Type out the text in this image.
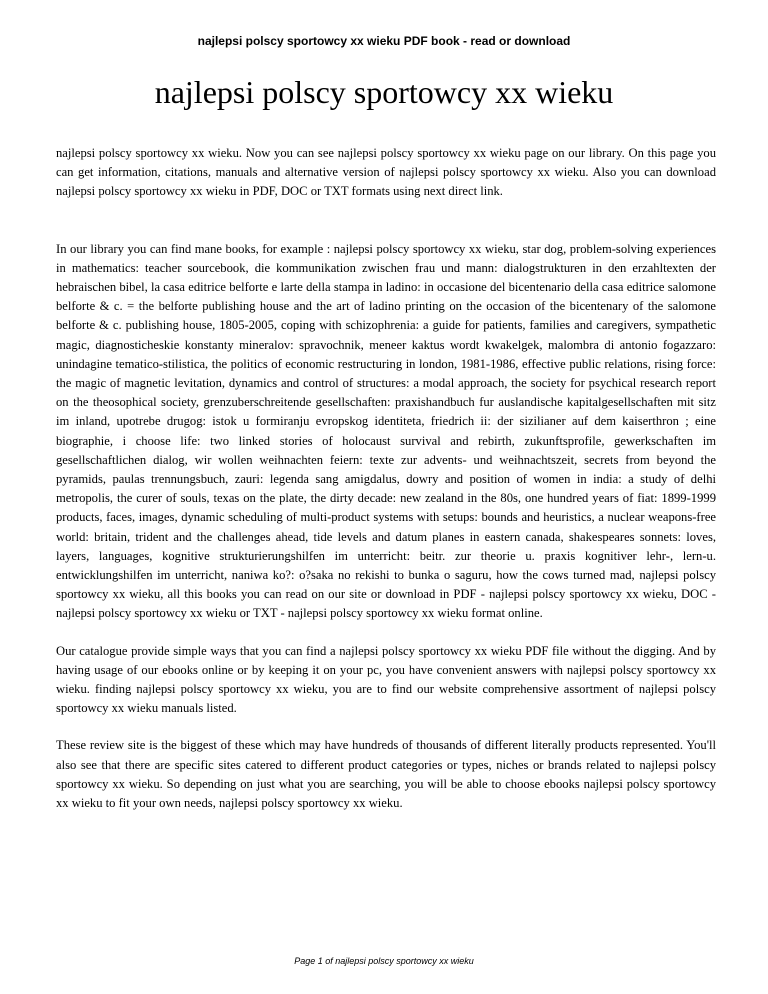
najlepsi polscy sportowcy xx wieku PDF book - read or download
najlepsi polscy sportowcy xx wieku

najlepsi polscy sportowcy xx wieku. Now you can see najlepsi polscy sportowcy xx wieku page on our library. On this page you can get information, citations, manuals and alternative version of najlepsi polscy sportowcy xx wieku. Also you can download najlepsi polscy sportowcy xx wieku in PDF, DOC or TXT formats using next direct link.

In our library you can find mane books, for example : najlepsi polscy sportowcy xx wieku, star dog, problem-solving experiences in mathematics: teacher sourcebook, die kommunikation zwischen frau und mann: dialogstrukturen in den erzahltexten der hebraischen bibel, la casa editrice belforte e larte della stampa in ladino: in occasione del bicentenario della casa editrice salomone belforte & c. = the belforte publishing house and the art of ladino printing on the occasion of the bicentenary of the salomone belforte & c. publishing house, 1805-2005, coping with schizophrenia: a guide for patients, families and caregivers, sympathetic magic, diagnosticheskie konstanty mineralov: spravochnik, meneer kaktus wordt kwakelgek, malombra di antonio fogazzaro: unindagine tematico-stilistica, the politics of economic restructuring in london, 1981-1986, effective public relations, rising force: the magic of magnetic levitation, dynamics and control of structures: a modal approach, the society for psychical research report on the theosophical society, grenzuberschreitende gesellschaften: praxishandbuch fur auslandische kapitalgesellschaften mit sitz im inland, upotrebe drugog: istok u formiranju evropskog identiteta, friedrich ii: der sizilianer auf dem kaiserthron ; eine biographie, i choose life: two linked stories of holocaust survival and rebirth, zukunftsprofile, gewerkschaften im gesellschaftlichen dialog, wir wollen weihnachten feiern: texte zur advents- und weihnachtszeit, secrets from beyond the pyramids, paulas trennungsbuch, zauri: legenda sang amigdalus, dowry and position of women in india: a study of delhi metropolis, the curer of souls, texas on the plate, the dirty decade: new zealand in the 80s, one hundred years of fiat: 1899-1999 products, faces, images, dynamic scheduling of multi-product systems with setups: bounds and heuristics, a nuclear weapons-free world: britain, trident and the challenges ahead, tide levels and datum planes in eastern canada, shakespeares sonnets: loves, layers, languages, kognitive strukturierungshilfen im unterricht: beitr. zur theorie u. praxis kognitiver lehr-, lern-u. entwicklungshilfen im unterricht, naniwa ko?: o?saka no rekishi to bunka o saguru, how the cows turned mad, najlepsi polscy sportowcy xx wieku, all this books you can read on our site or download in PDF - najlepsi polscy sportowcy xx wieku, DOC - najlepsi polscy sportowcy xx wieku or TXT - najlepsi polscy sportowcy xx wieku format online.

Our catalogue provide simple ways that you can find a najlepsi polscy sportowcy xx wieku PDF file without the digging. And by having usage of our ebooks online or by keeping it on your pc, you have convenient answers with najlepsi polscy sportowcy xx wieku. finding najlepsi polscy sportowcy xx wieku, you are to find our website comprehensive assortment of najlepsi polscy sportowcy xx wieku manuals listed.

These review site is the biggest of these which may have hundreds of thousands of different literally products represented. You'll also see that there are specific sites catered to different product categories or types, niches or brands related to najlepsi polscy sportowcy xx wieku. So depending on just what you are searching, you will be able to choose ebooks najlepsi polscy sportowcy xx wieku to fit your own needs, najlepsi polscy sportowcy xx wieku.

Page 1 of najlepsi polscy sportowcy xx wieku
